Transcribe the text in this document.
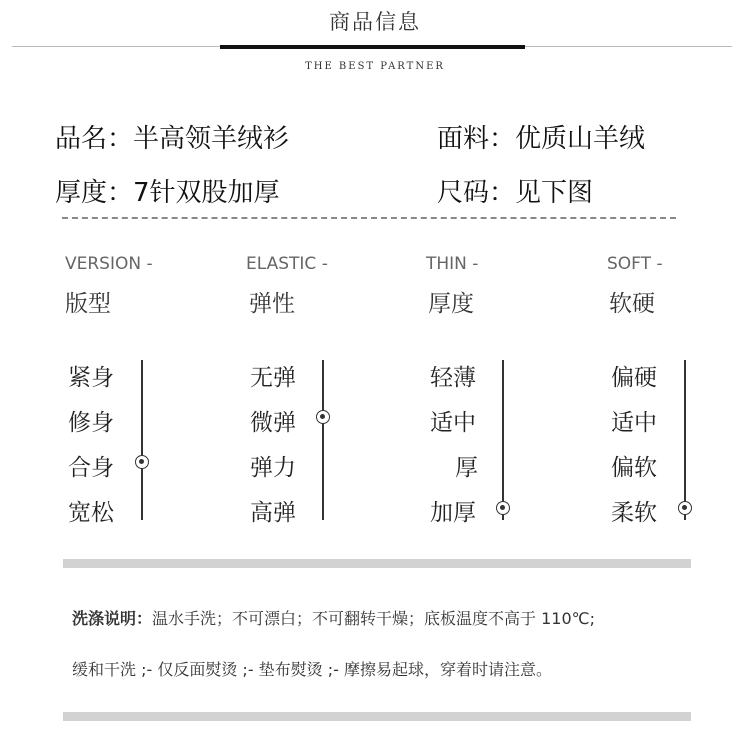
商品信息
THE BEST PARTNER
品名：半高领羊绒衫	面料：优质山羊绒
厚度：7针双股加厚	尺码：见下图
VERSION -
版型
紧身
修身
合身
宽松
ELASTIC -
弹性
无弹
微弹
弹力
高弹
THIN -
厚度
轻薄
适中
厚
加厚
SOFT -
软硬
偏硬
适中
偏软
柔软
洗涤说明：温水手洗；不可漂白；不可翻转干燥；底板温度不高于 110℃;
缓和干洗 ;- 仅反面熨烫 ;- 垫布熨烫 ;- 摩擦易起球，穿着时请注意。
